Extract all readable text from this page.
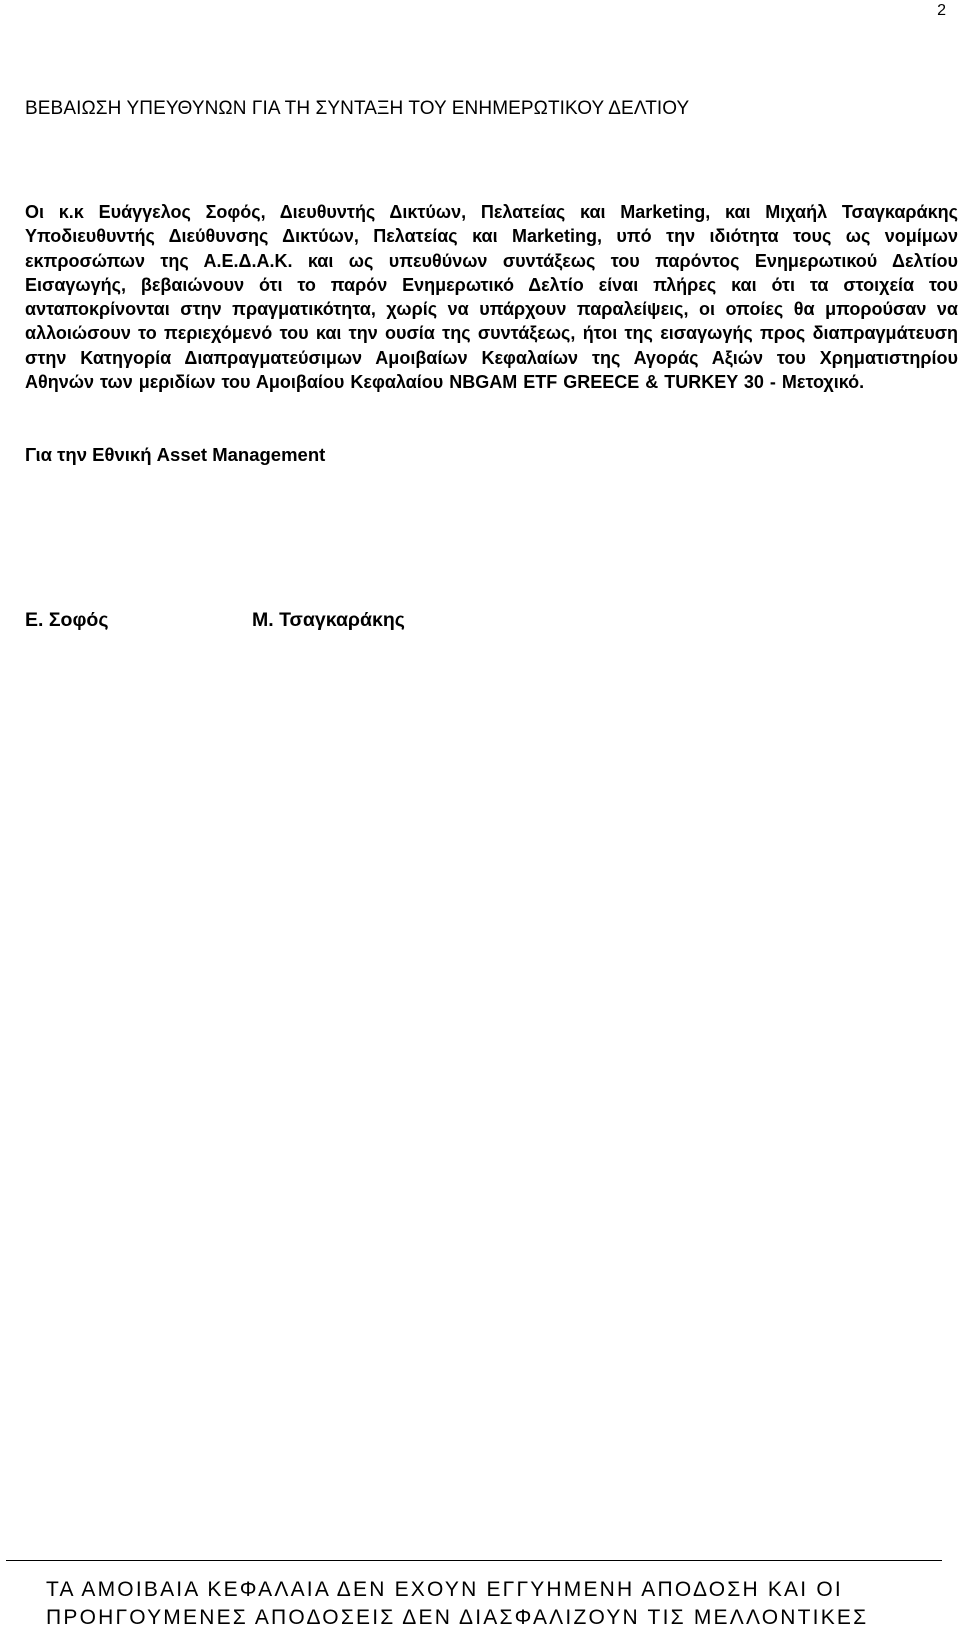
2
ΒΕΒΑΙΩΣΗ ΥΠΕΥΘΥΝΩΝ ΓΙΑ ΤΗ ΣΥΝΤΑΞΗ ΤΟΥ ΕΝΗΜΕΡΩΤΙΚΟΥ ΔΕΛΤΙΟΥ

Οι κ.κ Ευάγγελος Σοφός, Διευθυντής Δικτύων, Πελατείας και Marketing, και Μιχαήλ Τσαγκαράκης Υποδιευθυντής Διεύθυνσης Δικτύων, Πελατείας και Marketing, υπό την ιδιότητα τους ως νομίμων εκπροσώπων της Α.Ε.Δ.Α.Κ. και ως υπευθύνων συντάξεως του παρόντος Ενημερωτικού Δελτίου Εισαγωγής, βεβαιώνουν ότι το παρόν Ενημερωτικό Δελτίο είναι πλήρες και ότι τα στοιχεία του ανταποκρίνονται στην πραγματικότητα, χωρίς να υπάρχουν παραλείψεις, οι οποίες θα μπορούσαν να αλλοιώσουν το περιεχόμενό του και την ουσία της συντάξεως, ήτοι της εισαγωγής προς διαπραγμάτευση στην Κατηγορία Διαπραγματεύσιμων Αμοιβαίων Κεφαλαίων της Αγοράς Αξιών του Χρηματιστηρίου Αθηνών των μεριδίων του Αμοιβαίου Κεφαλαίου NBGAM ETF GREECE & TURKEY 30 - Μετοχικό.

Για την Εθνική Asset Management
Ε. Σοφός	Μ. Τσαγκαράκης
ΤΑ ΑΜΟΙΒΑΙΑ ΚΕΦΑΛΑΙΑ ΔΕΝ ΕΧΟΥΝ ΕΓΓΥΗΜΕΝΗ ΑΠΟΔΟΣΗ ΚΑΙ ΟΙ
ΠΡΟΗΓΟΥΜΕΝΕΣ ΑΠΟΔΟΣΕΙΣ ΔΕΝ ΔΙΑΣΦΑΛΙΖΟΥΝ ΤΙΣ ΜΕΛΛΟΝΤΙΚΕΣ
